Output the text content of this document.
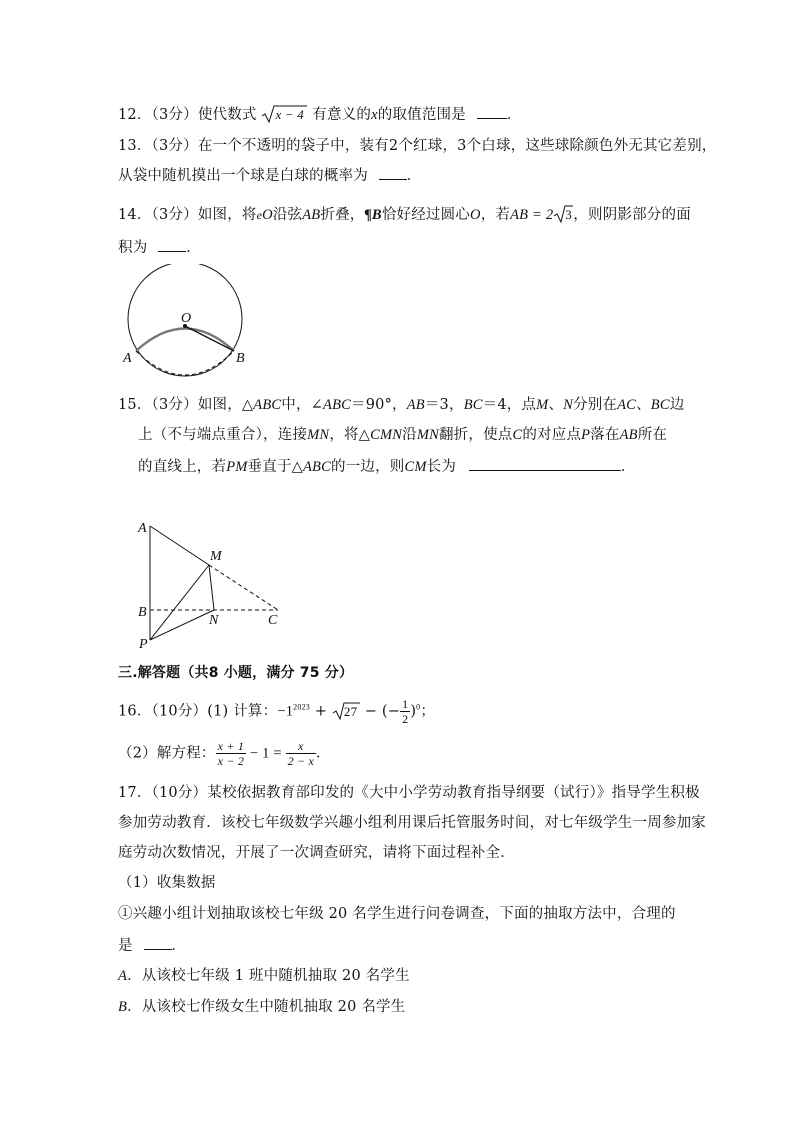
12．（3分）使代数式 x − 4 有意义的x的取值范围是	．
13．（3分）在一个不透明的袋子中，装有2个红球，3个白球，这些球除颜色外无其它差别，
从袋中随机摸出一个球是白球的概率为	．
14．（3分）如图，将eO沿弦AB折叠，¶B恰好经过圆心O，若AB = 2 3 ，则阴影部分的面
积为	．
O
A	B
15．（3分）如图，△ABC中，∠ABC＝90°，AB＝3，BC＝4，点M、N分别在AC、BC边
上（不与端点重合），连接MN，将△CMN沿MN翻折，使点C的对应点P落在AB所在
的直线上，若PM垂直于△ABC的一边，则CM长为	．
A
M
B
N	C
P
三.解答题（共8 小题，满分 75 分）
16．（10分）(1) 计算：$-1^{2023} + 27$ − (− $\frac{1}{2} )^0$；
（2）解方程： $\frac{x + 1}{x - 2} - 1 = \frac{x}{2 - x}$ ．
17．（10分）某校依据教育部印发的《大中小学劳动教育指导纲要（试行）》指导学生积极
参加劳动教育．该校七年级数学兴趣小组利用课后托管服务时间，对七年级学生一周参加家
庭劳动次数情况，开展了一次调查研究，请将下面过程补全．
（1）收集数据
①兴趣小组计划抽取该校七年级 20 名学生进行问卷调查，下面的抽取方法中，合理的
是	．
A．从该校七年级 1 班中随机抽取 20 名学生
B．从该校七作级女生中随机抽取 20 名学生
